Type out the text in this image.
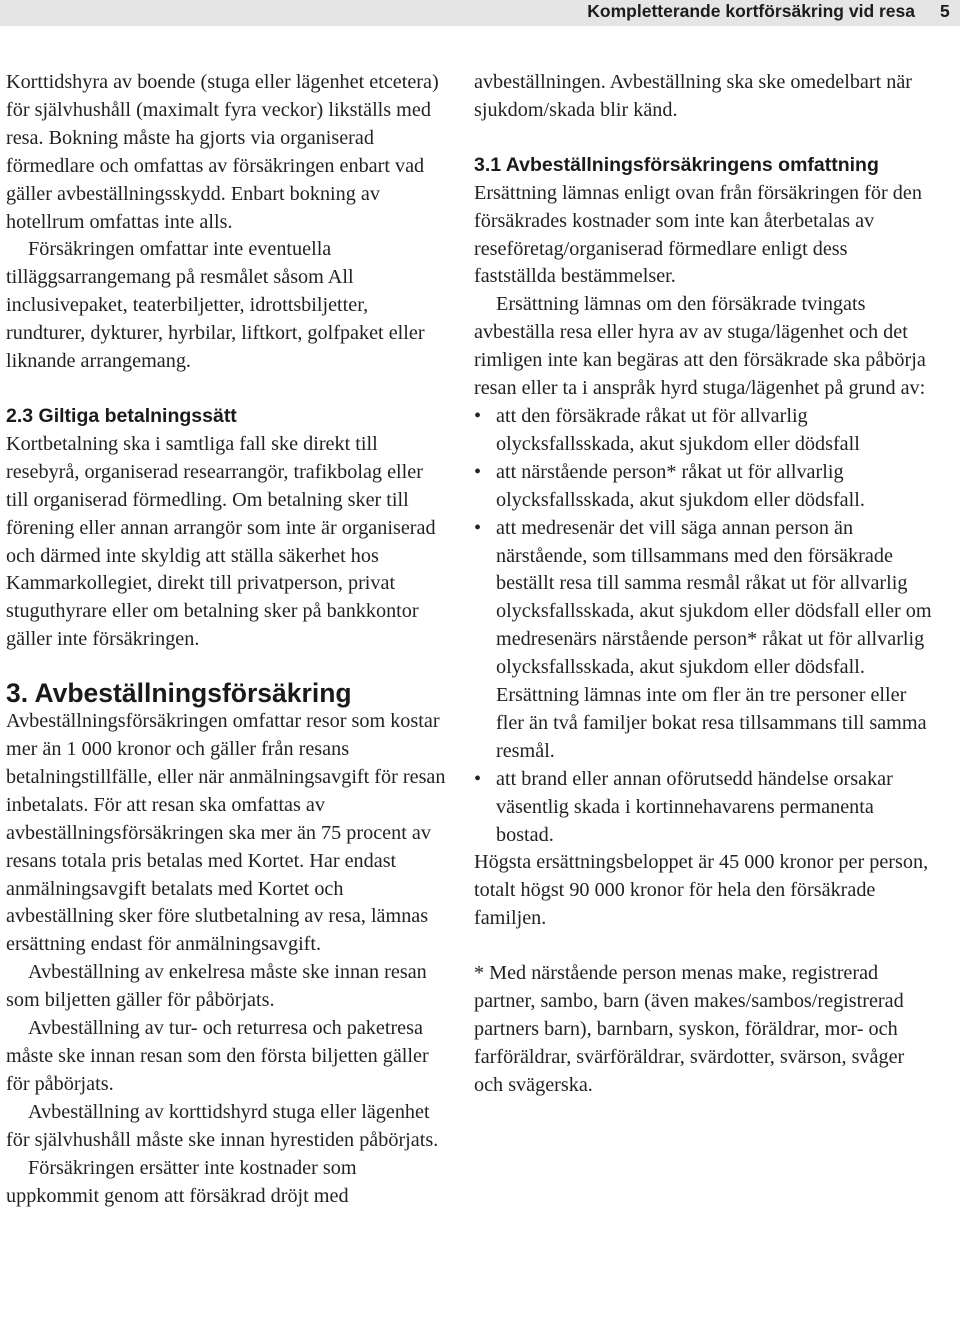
Kompletterande kortförsäkring vid resa 5

Korttidshyra av boende (stuga eller lägenhet etcetera) för självhushåll (maximalt fyra veckor) likställs med resa. Bokning måste ha gjorts via organiserad förmedlare och omfattas av försäkringen enbart vad gäller avbeställningsskydd. Enbart bokning av hotellrum omfattas inte alls.

Försäkringen omfattar inte eventuella tilläggsarrangemang på resmålet såsom All inclusivepaket, teaterbiljetter, idrottsbiljetter, rundturer, dykturer, hyrbilar, liftkort, golfpaket eller liknande arrangemang.

2.3 Giltiga betalningssätt

Kortbetalning ska i samtliga fall ske direkt till resebyrå, organiserad researrangör, trafikbolag eller till organiserad förmedling. Om betalning sker till förening eller annan arrangör som inte är organiserad och därmed inte skyldig att ställa säkerhet hos Kammarkollegiet, direkt till privatperson, privat stuguthyrare eller om betalning sker på bankkontor gäller inte försäkringen.

3. Avbeställningsförsäkring

Avbeställningsförsäkringen omfattar resor som kostar mer än 1 000 kronor och gäller från resans betalningstillfälle, eller när anmälningsavgift för resan inbetalats. För att resan ska omfattas av avbeställningsförsäkringen ska mer än 75 procent av resans totala pris betalas med Kortet. Har endast anmälningsavgift betalats med Kortet och avbeställning sker före slutbetalning av resa, lämnas ersättning endast för anmälningsavgift.

Avbeställning av enkelresa måste ske innan resan som biljetten gäller för påbörjats.

Avbeställning av tur- och returresa och paketresa måste ske innan resan som den första biljetten gäller för påbörjats.

Avbeställning av korttidshyrd stuga eller lägenhet för självhushåll måste ske innan hyrestiden påbörjats.

Försäkringen ersätter inte kostnader som uppkommit genom att försäkrad dröjt med

avbeställningen. Avbeställning ska ske omedelbart när sjukdom/skada blir känd.

3.1 Avbeställningsförsäkringens omfattning

Ersättning lämnas enligt ovan från försäkringen för den försäkrades kostnader som inte kan återbetalas av reseföretag/organiserad förmedlare enligt dess fastställda bestämmelser.

Ersättning lämnas om den försäkrade tvingats avbeställa resa eller hyra av av stuga/lägenhet och det rimligen inte kan begäras att den försäkrade ska påbörja resan eller ta i anspråk hyrd stuga/lägenhet på grund av:

• att den försäkrade råkat ut för allvarlig olycksfallsskada, akut sjukdom eller dödsfall
• att närstående person* råkat ut för allvarlig olycksfallsskada, akut sjukdom eller dödsfall.
• att medresenär det vill säga annan person än närstående, som tillsammans med den försäkrade beställt resa till samma resmål råkat ut för allvarlig olycksfallsskada, akut sjukdom eller dödsfall eller om medresenärs närstående person* råkat ut för allvarlig olycksfallsskada, akut sjukdom eller dödsfall. Ersättning lämnas inte om fler än tre personer eller fler än två familjer bokat resa tillsammans till samma resmål.
• att brand eller annan oförutsedd händelse orsakar väsentlig skada i kortinnehavarens permanenta bostad.

Högsta ersättningsbeloppet är 45 000 kronor per person, totalt högst 90 000 kronor för hela den försäkrade familjen.

* Med närstående person menas make, registrerad partner, sambo, barn (även makes/sambos/registrerad partners barn), barnbarn, syskon, föräldrar, mor- och farföräldrar, svärföräldrar, svärdotter, svärson, svåger och svägerska.
